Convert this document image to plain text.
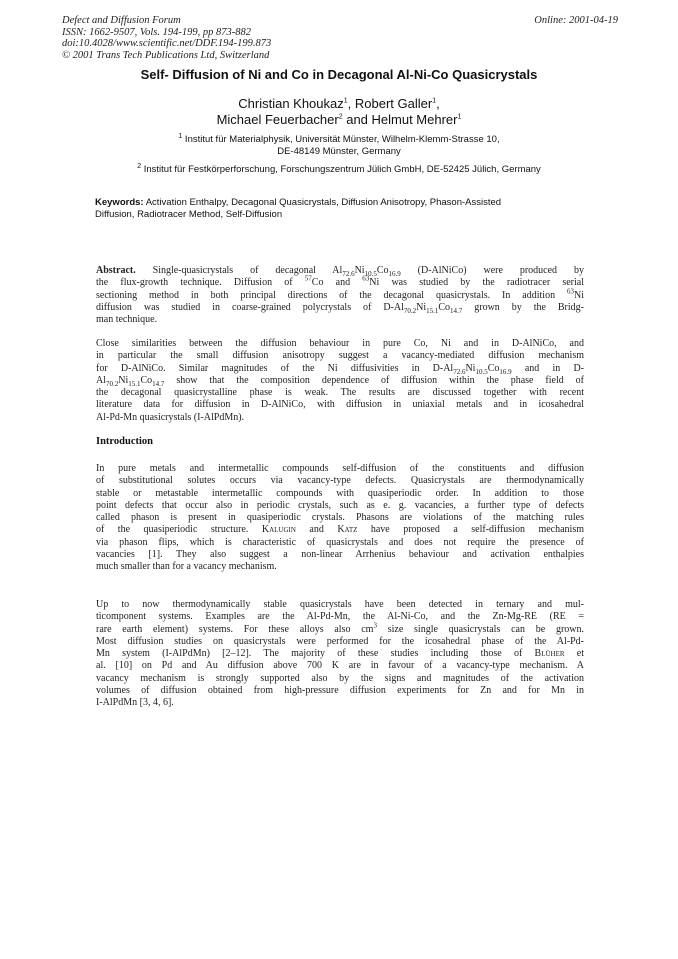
Defect and Diffusion Forum
ISSN: 1662-9507, Vols. 194-199, pp 873-882
doi:10.4028/www.scientific.net/DDF.194-199.873
© 2001 Trans Tech Publications Ltd, Switzerland
Online: 2001-04-19
Self- Diffusion of Ni and Co in Decagonal Al-Ni-Co Quasicrystals
Christian Khoukaz$^1$, Robert Galler$^1$,
Michael Feuerbacher$^2$ and Helmut Mehrer$^1$
$^1$ Institut für Materialphysik, Universität Münster, Wilhelm-Klemm-Strasse 10,
DE-48149 Münster, Germany
$^2$ Institut für Festkörperforschung, Forschungszentrum Jülich GmbH, DE-52425 Jülich, Germany
Keywords: Activation Enthalpy, Decagonal Quasicrystals, Diffusion Anisotropy, Phason-Assisted
Diffusion, Radiotracer Method, Self-Diffusion
Abstract. Single-quasicrystals of decagonal $Al_{72.6}Ni_{10.5}Co_{16.9}$ (D-AlNiCo) were produced by
the flux-growth technique. Diffusion of $^{57}$Co and $^{63}$Ni was studied by the radiotracer serial
sectioning method in both principal directions of the decagonal quasicrystals. In addition $^{63}$Ni
diffusion was studied in coarse-grained polycrystals of $D-Al_{70.2}Ni_{15.1}Co_{14.7}$ grown by the Bridg-
man technique.
Close similarities between the diffusion behaviour in pure Co, Ni and in D-AlNiCo, and
in particular the small diffusion anisotropy suggest a vacancy-mediated diffusion mechanism
for D-AlNiCo. Similar magnitudes of the Ni diffusivities in $D-Al_{72.6}Ni_{10.5}Co_{16.9}$ and in D-
$Al_{70.2}Ni_{15.1}Co_{14.7}$ show that the composition dependence of diffusion within the phase field of
the decagonal quasicrystalline phase is weak. The results are discussed together with recent
literature data for diffusion in D-AlNiCo, with diffusion in uniaxial metals and in icosahedral
Al-Pd-Mn quasicrystals (I-AlPdMn).
Introduction
In pure metals and intermetallic compounds self-diffusion of the constituents and diffusion
of substitutional solutes occurs via vacancy-type defects. Quasicrystals are thermodynamically
stable or metastable intermetallic compounds with quasiperiodic order. In addition to those
point defects that occur also in periodic crystals, such as e. g. vacancies, a further type of defects
called phason is present in quasiperiodic crystals. Phasons are violations of the matching rules
of the quasiperiodic structure. Kalugin and Katz have proposed a self-diffusion mechanism
via phason flips, which is characteristic of quasicrystals and does not require the presence of
vacancies [1]. They also suggest a non-linear Arrhenius behaviour and activation enthalpies
much smaller than for a vacancy mechanism.
Up to now thermodynamically stable quasicrystals have been detected in ternary and mul-
ticomponent systems. Examples are the Al-Pd-Mn, the Al-Ni-Co, and the Zn-Mg-RE (RE =
rare earth element) systems. For these alloys also $cm^3$ size single quasicrystals can be grown.
Most diffusion studies on quasicrystals were performed for the icosahedral phase of the Al-Pd-
Mn system (I-AlPdMn) [2–12]. The majority of these studies including those of Blüher et
al. [10] on Pd and Au diffusion above 700 K are in favour of a vacancy-type mechanism. A
vacancy mechanism is strongly supported also by the signs and magnitudes of the activation
volumes of diffusion obtained from high-pressure diffusion experiments for Zn and for Mn in
I-AlPdMn [3, 4, 6].
